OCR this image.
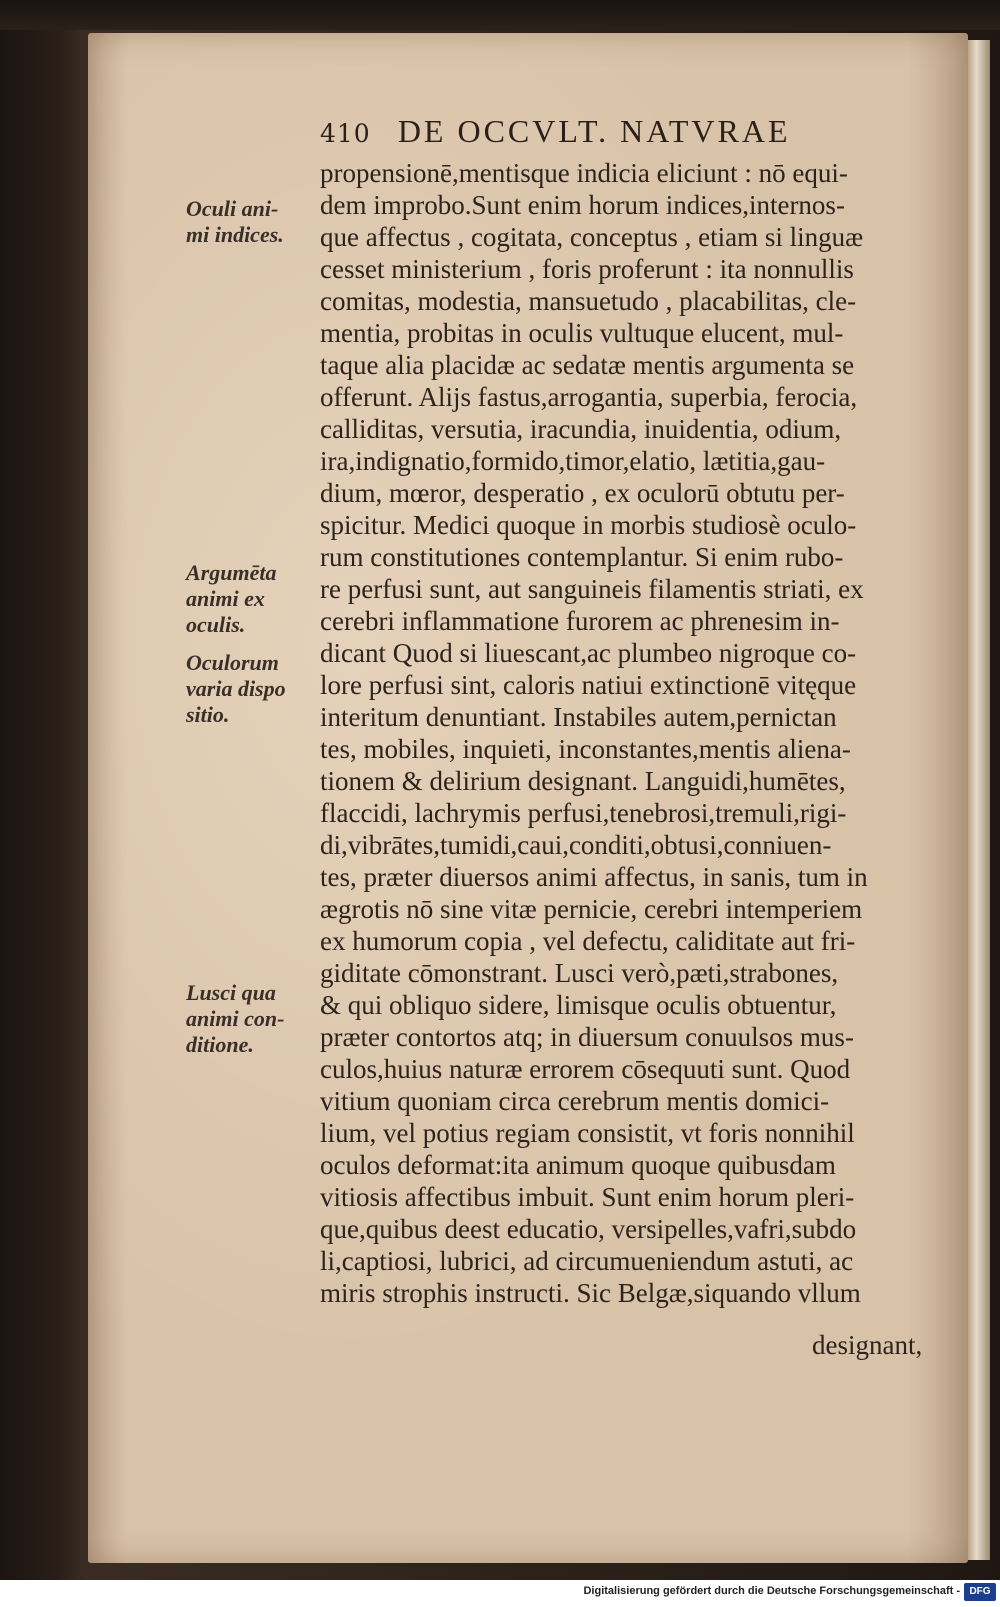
410 DE OCCVLT. NATVRAE
propensionē,mentisque indicia eliciunt : nō equi-
dem improbo.Sunt enim horum indices,internos-
que affectus , cogitata, conceptus , etiam si linguæ
cesset ministerium , foris proferunt : ita nonnullis
comitas, modestia, mansuetudo , placabilitas, cle-
mentia, probitas in oculis vultuque elucent, mul-
taque alia placidæ ac sedatæ mentis argumenta se
offerunt. Alijs fastus,arrogantia, superbia, ferocia,
calliditas, versutia, iracundia, inuidentia, odium,
ira,indignatio,formido,timor,elatio, lætitia,gau-
dium, mœror, desperatio , ex oculorū obtutu per-
spicitur. Medici quoque in morbis studiosè oculo-
rum constitutiones contemplantur. Si enim rubo-
re perfusi sunt, aut sanguineis filamentis striati, ex
cerebri inflammatione furorem ac phrenesim in-
dicant Quod si liuescant,ac plumbeo nigroque co-
lore perfusi sint, caloris natiui extinctionē vitęque
interitum denuntiant. Instabiles autem,pernictan
tes, mobiles, inquieti, inconstantes,mentis aliena-
tionem & delirium designant. Languidi,humētes,
flaccidi, lachrymis perfusi,tenebrosi,tremuli,rigi-
di,vibrātes,tumidi,caui,conditi,obtusi,conniuen-
tes, præter diuersos animi affectus, in sanis, tum in
ægrotis nō sine vitæ pernicie, cerebri intemperiem
ex humorum copia , vel defectu, caliditate aut fri-
giditate cōmonstrant. Lusci verò,pæti,strabones,
& qui obliquo sidere, limisque oculis obtuentur,
præter contortos atq; in diuersum conuulsos mus-
culos,huius naturæ errorem cōsequuti sunt. Quod
vitium quoniam circa cerebrum mentis domici-
lium, vel potius regiam consistit, vt foris nonnihil
oculos deformat:ita animum quoque quibusdam
vitiosis affectibus imbuit. Sunt enim horum pleri-
que,quibus deest educatio, versipelles,vafri,subdo
li,captiosi, lubrici, ad circumueniendum astuti, ac
miris strophis instructi. Sic Belgæ,siquando vllum
designant,
Oculi ani-
mi indices.
Argumēta
animi ex
oculis.
Oculorum
varia dispo
sitio.
Lusci qua
animi con-
ditione.
Digitalisierung gefördert durch die Deutsche Forschungsgemeinschaft - DFG
